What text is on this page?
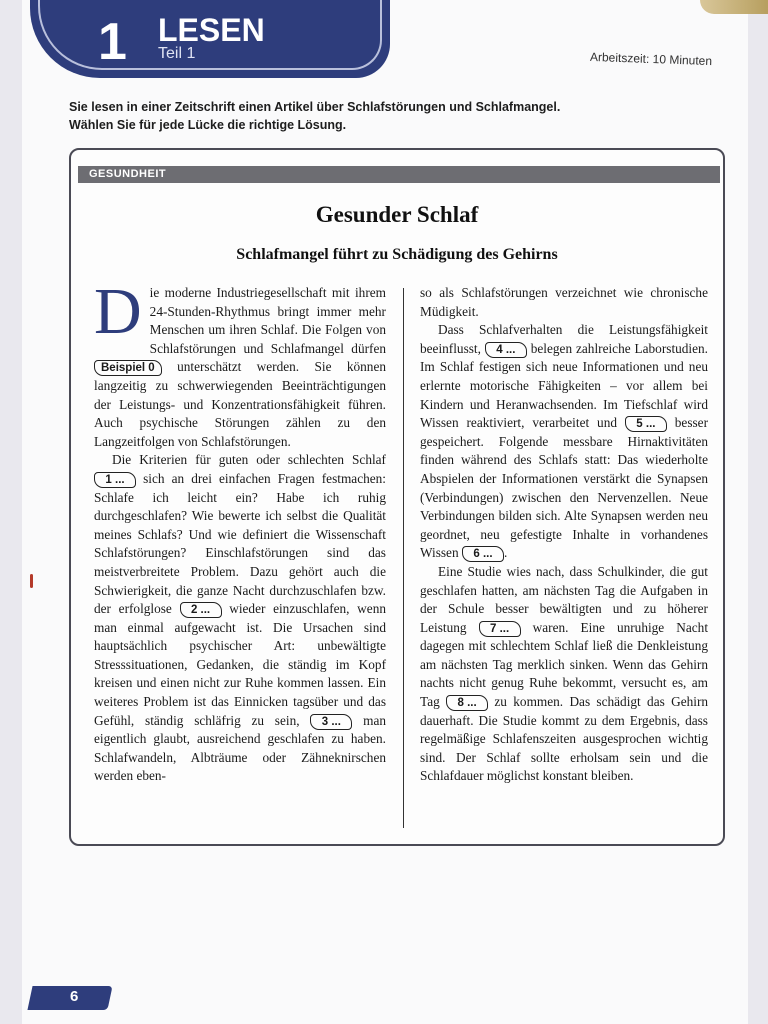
1 LESEN
Teil 1	Arbeitszeit: 10 Minuten
Sie lesen in einer Zeitschrift einen Artikel über Schlafstörungen und Schlafmangel.
Wählen Sie für jede Lücke die richtige Lösung.
GESUNDHEIT
Gesunder Schlaf
Schlafmangel führt zu Schädigung des Gehirns

Die moderne Industriegesellschaft mit ihrem 24-Stunden-Rhythmus bringt immer mehr Menschen um ihren Schlaf. Die Folgen von Schlafstörungen und Schlafmangel dürfen Beispiel 0 unterschätzt werden. Sie können langzeitig zu schwerwiegenden Beeinträchtigungen der Leistungs- und Konzentrationsfähigkeit führen. Auch psychische Störungen zählen zu den Langzeitfolgen von Schlafstörungen.

Die Kriterien für guten oder schlechten Schlaf 1 ... sich an drei einfachen Fragen festmachen: Schlafe ich leicht ein? Habe ich ruhig durchgeschlafen? Wie bewerte ich selbst die Qualität meines Schlafs? Und wie definiert die Wissenschaft Schlafstörungen? Einschlafstörungen sind das meistverbreitete Problem. Dazu gehört auch die Schwierigkeit, die ganze Nacht durchzuschlafen bzw. der erfolglose 2 ... wieder einzuschlafen, wenn man einmal aufgewacht ist. Die Ursachen sind hauptsächlich psychischer Art: unbewältigte Stresssituationen, Gedanken, die ständig im Kopf kreisen und einen nicht zur Ruhe kommen lassen. Ein weiteres Problem ist das Einnicken tagsüber und das Gefühl, ständig schläfrig zu sein, 3 ... man eigentlich glaubt, ausreichend geschlafen zu haben. Schlafwandeln, Albträume oder Zähneknirschen werden eben-

so als Schlafstörungen verzeichnet wie chronische Müdigkeit.

Dass Schlafverhalten die Leistungsfähigkeit beeinflusst, 4 ... belegen zahlreiche Laborstudien. Im Schlaf festigen sich neue Informationen und neu erlernte motorische Fähigkeiten – vor allem bei Kindern und Heranwachsenden. Im Tiefschlaf wird Wissen reaktiviert, verarbeitet und 5 ... besser gespeichert. Folgende messbare Hirnaktivitäten finden während des Schlafs statt: Das wiederholte Abspielen der Informationen verstärkt die Synapsen (Verbindungen) zwischen den Nervenzellen. Neue Verbindungen bilden sich. Alte Synapsen werden neu geordnet, neu gefestigte Inhalte in vorhandenes Wissen 6 ... .

Eine Studie wies nach, dass Schulkinder, die gut geschlafen hatten, am nächsten Tag die Aufgaben in der Schule besser bewältigten und zu höherer Leistung 7 ... waren. Eine unruhige Nacht dagegen mit schlechtem Schlaf ließ die Denkleistung am nächsten Tag merklich sinken. Wenn das Gehirn nachts nicht genug Ruhe bekommt, versucht es, am Tag 8 ... zu kommen. Das schädigt das Gehirn dauerhaft. Die Studie kommt zu dem Ergebnis, dass regelmäßige Schlafenszeiten ausgesprochen wichtig sind. Der Schlaf sollte erholsam sein und die Schlafdauer möglichst konstant bleiben.

6
